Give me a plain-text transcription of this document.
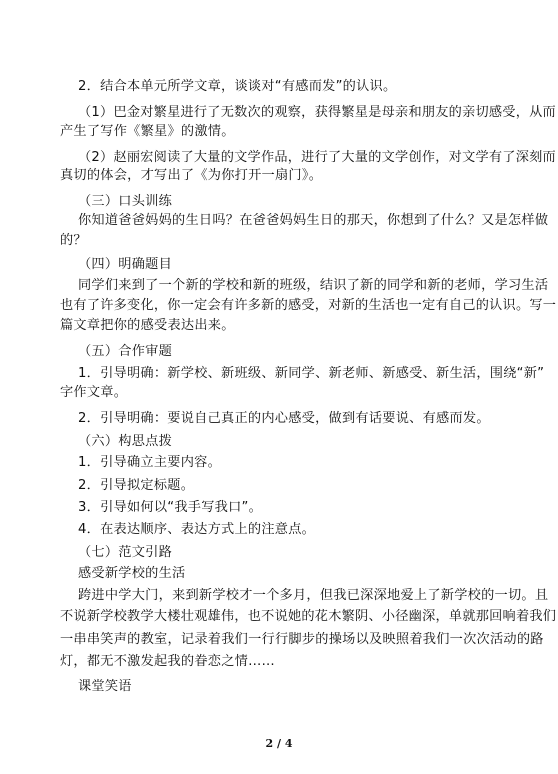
2．结合本单元所学文章，谈谈对“有感而发”的认识。
（1）巴金对繁星进行了无数次的观察，获得繁星是母亲和朋友的亲切感受，从而
产生了写作《繁星》的激情。
（2）赵丽宏阅读了大量的文学作品，进行了大量的文学创作，对文学有了深刻而
真切的体会，才写出了《为你打开一扇门》。
（三）口头训练
你知道爸爸妈妈的生日吗？在爸爸妈妈生日的那天，你想到了什么？又是怎样做
的？
（四）明确题目
同学们来到了一个新的学校和新的班级，结识了新的同学和新的老师，学习生活
也有了许多变化，你一定会有许多新的感受，对新的生活也一定有自己的认识。写一
篇文章把你的感受表达出来。
（五）合作审题
1．引导明确：新学校、新班级、新同学、新老师、新感受、新生活，围绕“新”
字作文章。
2．引导明确：要说自己真正的内心感受，做到有话要说、有感而发。
（六）构思点拨
1．引导确立主要内容。
2．引导拟定标题。
3．引导如何以“我手写我口”。
4．在表达顺序、表达方式上的注意点。
（七）范文引路
感受新学校的生活
跨进中学大门，来到新学校才一个多月，但我已深深地爱上了新学校的一切。且
不说新学校教学大楼壮观雄伟，也不说她的花木繁阴、小径幽深，单就那回响着我们
一串串笑声的教室，记录着我们一行行脚步的操场以及映照着我们一次次活动的路
灯，都无不激发起我的眷恋之情……
课堂笑语
2 / 4
